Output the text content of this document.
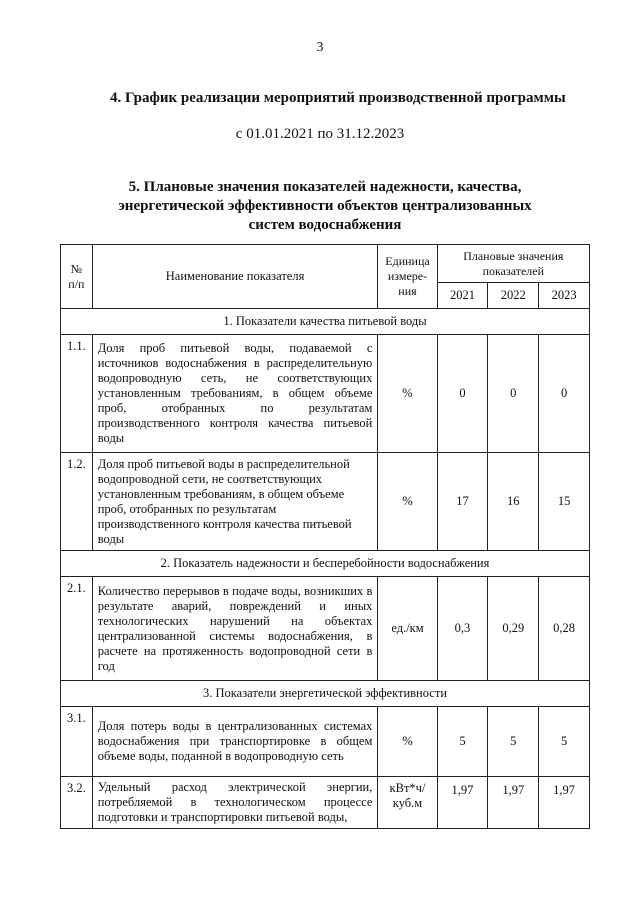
3
4. График реализации мероприятий производственной программы
с 01.01.2021 по 31.12.2023
5. Плановые значения показателей надежности, качества, энергетической эффективности объектов централизованных систем водоснабжения
№ п/п	Наименование показателя	Единица измере-ния	Плановые значения показателей		
			2021	2022	2023
1. Показатели качества питьевой воды					
1.1.	Доля проб питьевой воды, подаваемой с источников водоснабжения в распределительную водопроводную сеть, не соответствующих установленным требованиям, в общем объеме проб, отобранных по результатам производственного контроля качества питьевой воды	%	0	0	0
1.2.	Доля проб питьевой воды в распределительной водопроводной сети, не соответствующих установленным требованиям, в общем объеме проб, отобранных по результатам производственного контроля качества питьевой воды	%	17	16	15
2. Показатель надежности и бесперебойности водоснабжения					
2.1.	Количество перерывов в подаче воды, возникших в результате аварий, повреждений и иных технологических нарушений на объектах централизованной системы водоснабжения, в расчете на протяженность водопроводной сети в год	ед./км	0,3	0,29	0,28
3. Показатели энергетической эффективности					
3.1.	Доля потерь воды в централизованных системах водоснабжения при транспортировке в общем объеме воды, поданной в водопроводную сеть	%	5	5	5
3.2.	Удельный расход электрической энергии, потребляемой в технологическом процессе подготовки и транспортировки питьевой воды,	кВт*ч/ куб.м	1,97	1,97	1,97
